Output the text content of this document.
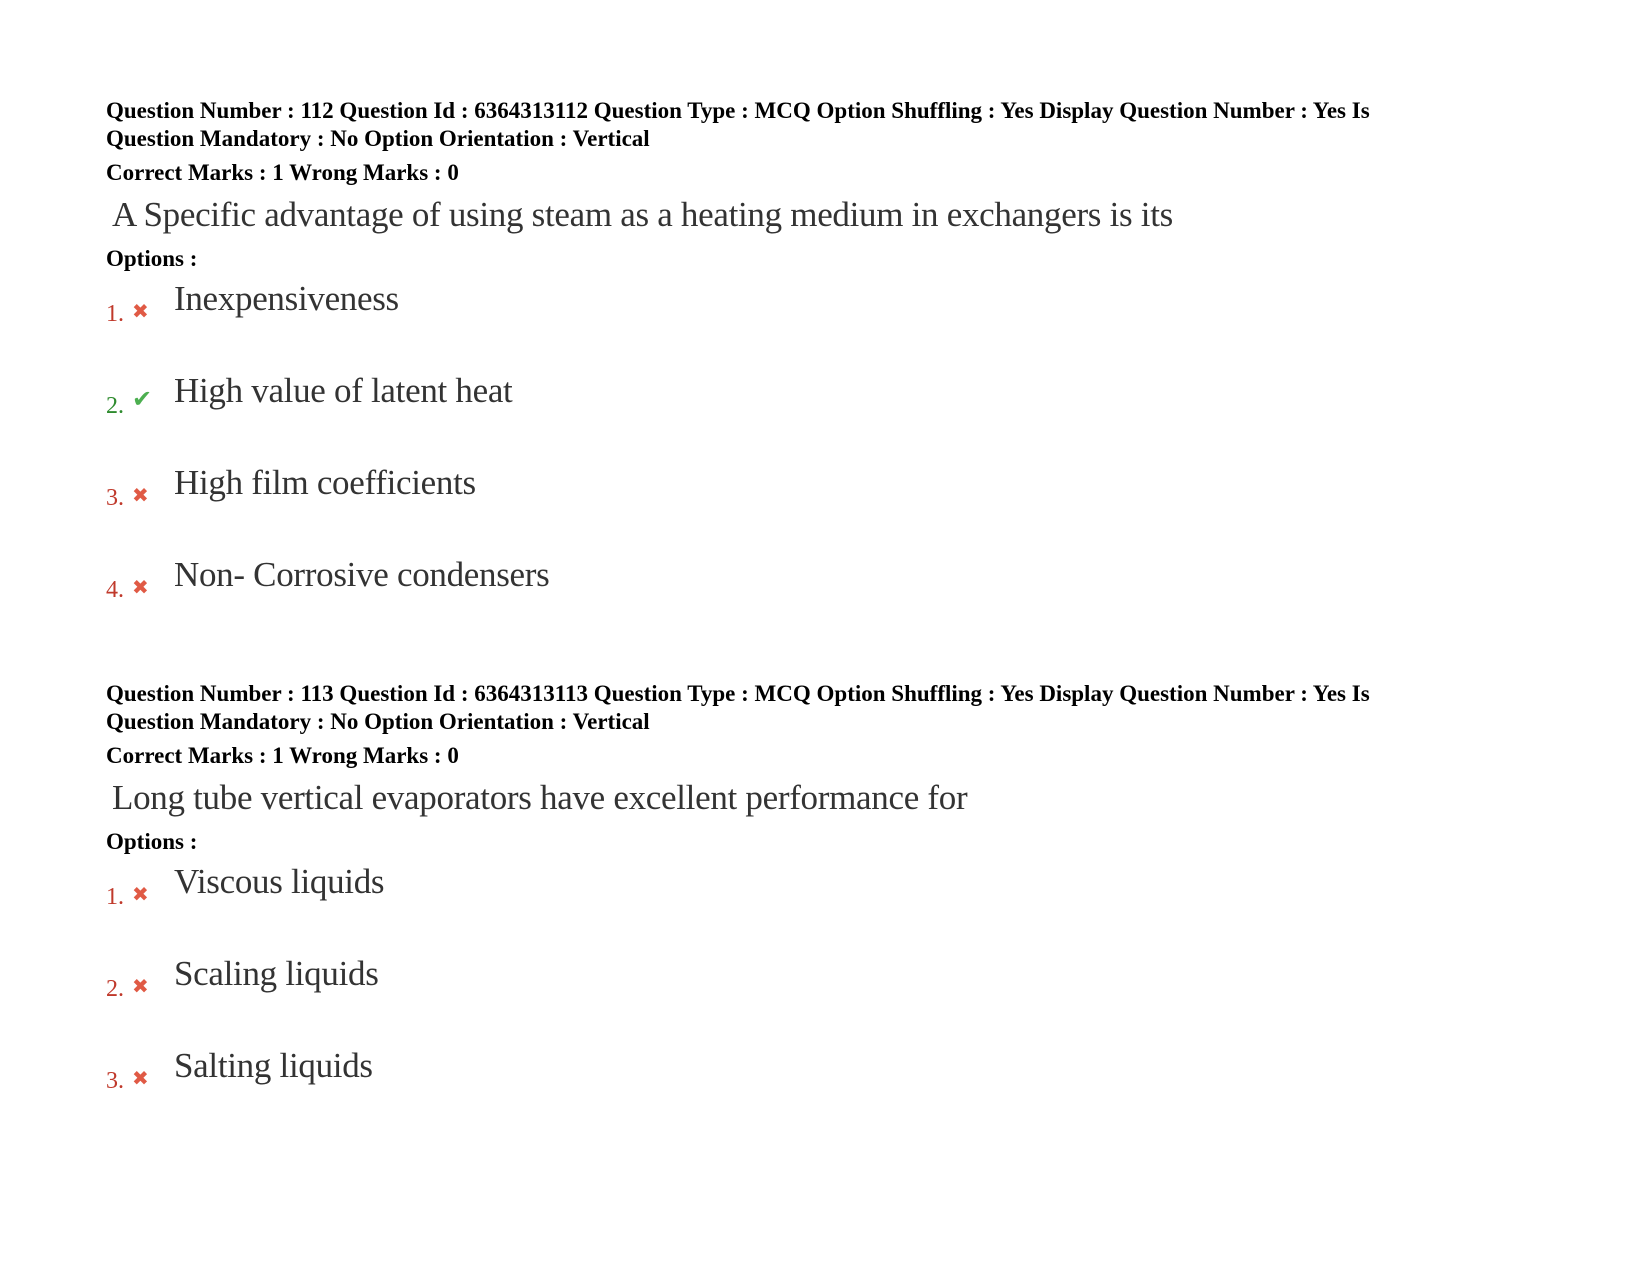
Question Number : 112 Question Id : 6364313112 Question Type : MCQ Option Shuffling : Yes Display Question Number : Yes Is
Question Mandatory : No Option Orientation : Vertical

Correct Marks : 1 Wrong Marks : 0

A Specific advantage of using steam as a heating medium in exchangers is its

Options :

1. ✖ Inexpensiveness
2. ✔ High value of latent heat
3. ✖ High film coefficients
4. ✖ Non- Corrosive condensers

Question Number : 113 Question Id : 6364313113 Question Type : MCQ Option Shuffling : Yes Display Question Number : Yes Is
Question Mandatory : No Option Orientation : Vertical

Correct Marks : 1 Wrong Marks : 0

Long tube vertical evaporators have excellent performance for

Options :

1. ✖ Viscous liquids
2. ✖ Scaling liquids
3. ✖ Salting liquids
